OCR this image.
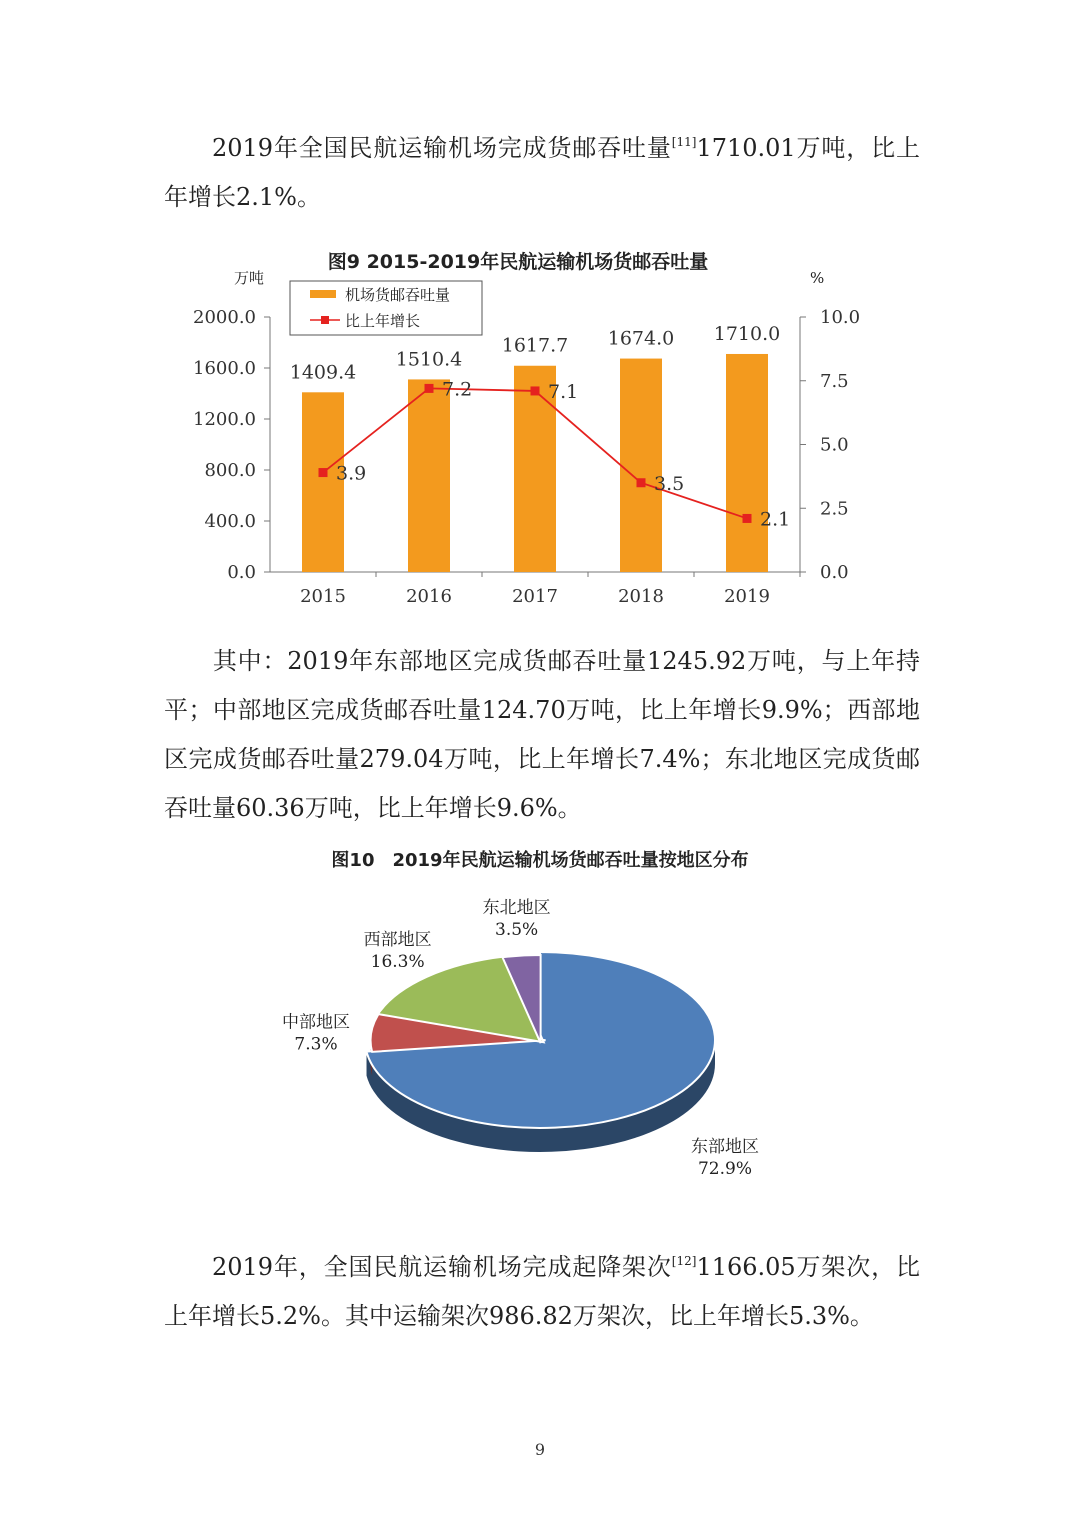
2019年全国民航运输机场完成货邮吞吐量[11]1710.01万吨，比上年增长2.1%。

图9 2015-2019年民航运输机场货邮吞吐量
万吨	%
0.0
400.0
800.0
1200.0
1600.0
2000.0
0.0
2.5
5.0
7.5
10.0
2015
1409.4
2016
1510.4
2017
1617.7
2018
1674.0
2019
1710.0
3.9
7.2	7.1
3.5
2.1
机场货邮吞吐量
比上年增长

其中：2019年东部地区完成货邮吞吐量1245.92万吨，与上年持平；中部地区完成货邮吞吐量124.70万吨，比上年增长9.9%；西部地区完成货邮吞吐量279.04万吨，比上年增长7.4%；东北地区完成货邮吞吐量60.36万吨，比上年增长9.6%。

图10　2019年民航运输机场货邮吞吐量按地区分布
东部地区
72.9%
中部地区
7.3%
西部地区
16.3%
东北地区
3.5%

2019年，全国民航运输机场完成起降架次[12]1166.05万架次，比上年增长5.2%。其中运输架次986.82万架次，比上年增长5.3%。

9
